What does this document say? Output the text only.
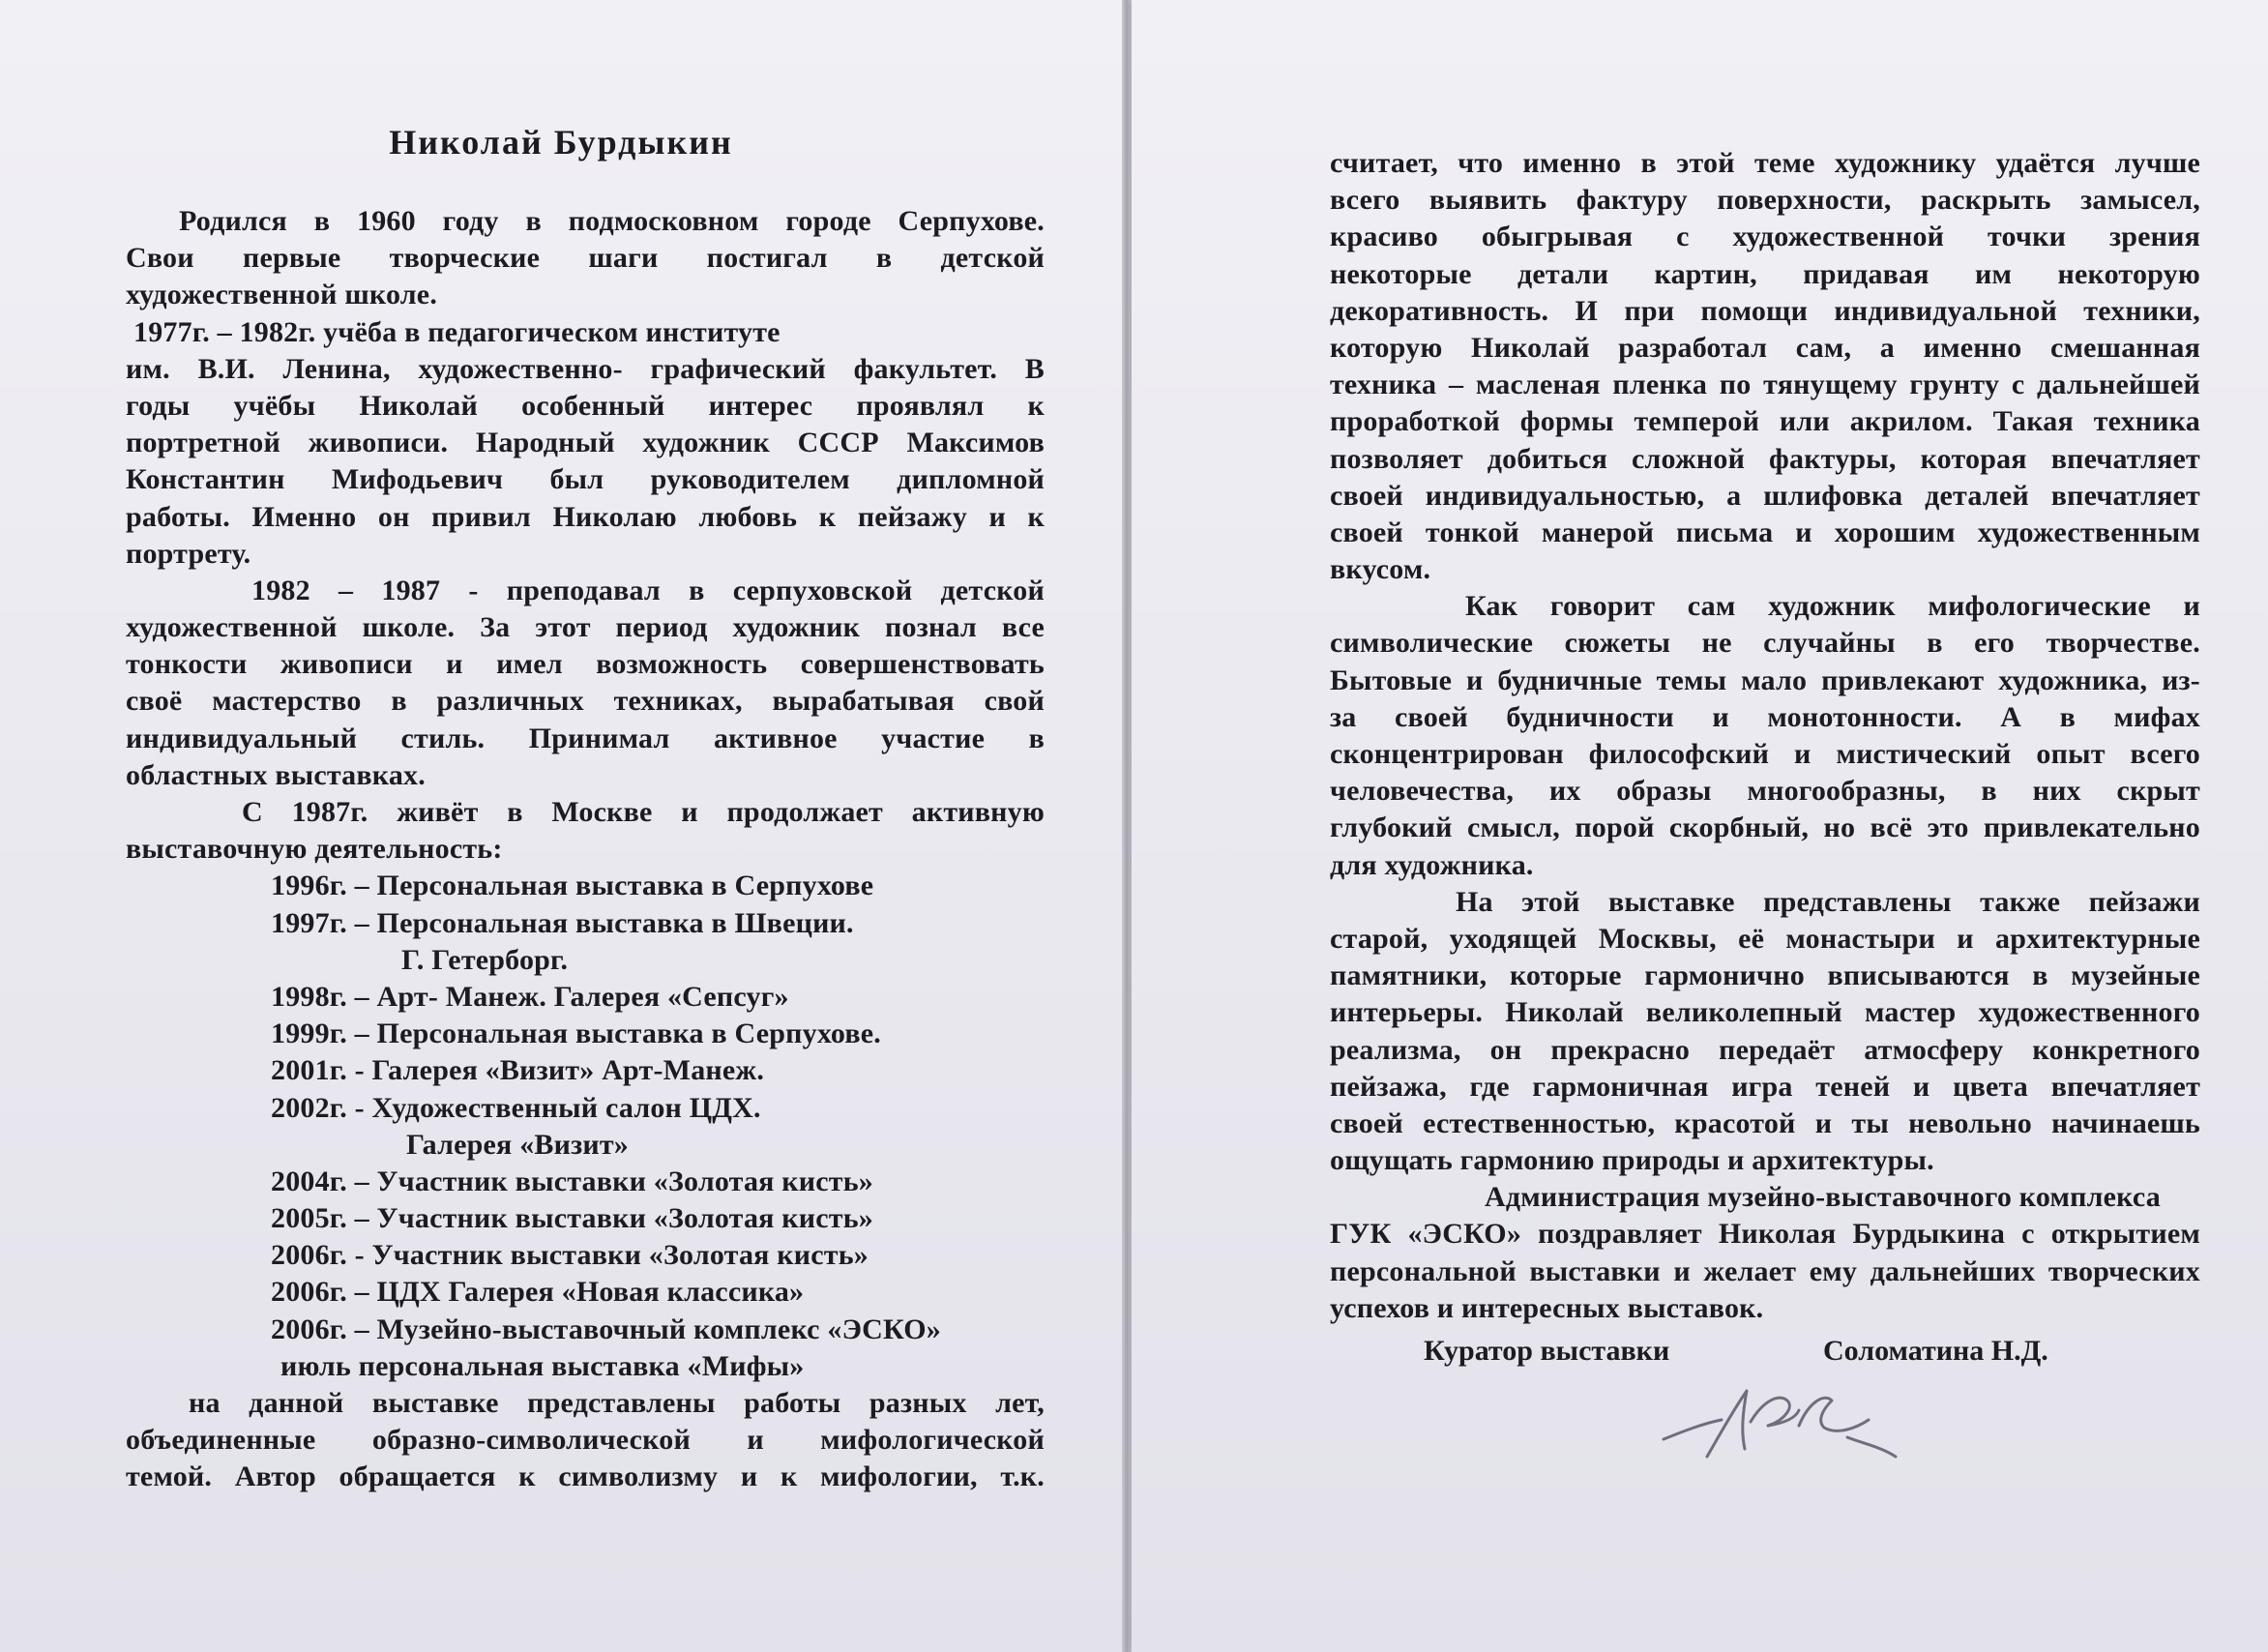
Николай Бурдыкин
Родился в 1960 году в подмосковном городе Серпухове.
Свои первые творческие шаги постигал в детской
художественной школе.
1977г. – 1982г. учёба в педагогическом институте
им. В.И. Ленина, художественно- графический факультет. В
годы учёбы Николай особенный интерес проявлял к
портретной живописи. Народный художник СССР Максимов
Константин Мифодьевич был руководителем дипломной
работы. Именно он привил Николаю любовь к пейзажу и к
портрету.
1982 – 1987 - преподавал в серпуховской детской
художественной школе. За этот период художник познал все
тонкости живописи и имел возможность совершенствовать
своё мастерство в различных техниках, вырабатывая свой
индивидуальный стиль. Принимал активное участие в
областных выставках.
С 1987г. живёт в Москве и продолжает активную
выставочную деятельность:
1996г. – Персональная выставка в Серпухове
1997г. – Персональная выставка в Швеции.
Г. Гетерборг.
1998г. – Арт- Манеж. Галерея «Сепсуг»
1999г. – Персональная выставка в Серпухове.
2001г. - Галерея «Визит» Арт-Манеж.
2002г. - Художественный салон ЦДХ.
Галерея «Визит»
2004г. – Участник выставки «Золотая кисть»
2005г. – Участник выставки «Золотая кисть»
2006г. - Участник выставки «Золотая кисть»
2006г. – ЦДХ Галерея «Новая классика»
2006г. – Музейно-выставочный комплекс «ЭСКО»
июль персональная выставка «Мифы»
на данной выставке представлены работы разных лет,
объединенные образно-символической и мифологической
темой. Автор обращается к символизму и к мифологии, т.к.
считает, что именно в этой теме художнику удаётся лучше
всего выявить фактуру поверхности, раскрыть замысел,
красиво обыгрывая с художественной точки зрения
некоторые детали картин, придавая им некоторую
декоративность. И при помощи индивидуальной техники,
которую Николай разработал сам, а именно смешанная
техника – масленая пленка по тянущему грунту с дальнейшей
проработкой формы темперой или акрилом. Такая техника
позволяет добиться сложной фактуры, которая впечатляет
своей индивидуальностью, а шлифовка деталей впечатляет
своей тонкой манерой письма и хорошим художественным
вкусом.
Как говорит сам художник мифологические и
символические сюжеты не случайны в его творчестве.
Бытовые и будничные темы мало привлекают художника, из-
за своей будничности и монотонности. А в мифах
сконцентрирован философский и мистический опыт всего
человечества, их образы многообразны, в них скрыт
глубокий смысл, порой скорбный, но всё это привлекательно
для художника.
На этой выставке представлены также пейзажи
старой, уходящей Москвы, её монастыри и архитектурные
памятники, которые гармонично вписываются в музейные
интерьеры. Николай великолепный мастер художественного
реализма, он прекрасно передаёт атмосферу конкретного
пейзажа, где гармоничная игра теней и цвета впечатляет
своей естественностью, красотой и ты невольно начинаешь
ощущать гармонию природы и архитектуры.
Администрация музейно-выставочного комплекса
ГУК «ЭСКО» поздравляет Николая Бурдыкина с открытием
персональной выставки и желает ему дальнейших творческих
успехов и интересных выставок.
Куратор выставки	Соломатина Н.Д.
